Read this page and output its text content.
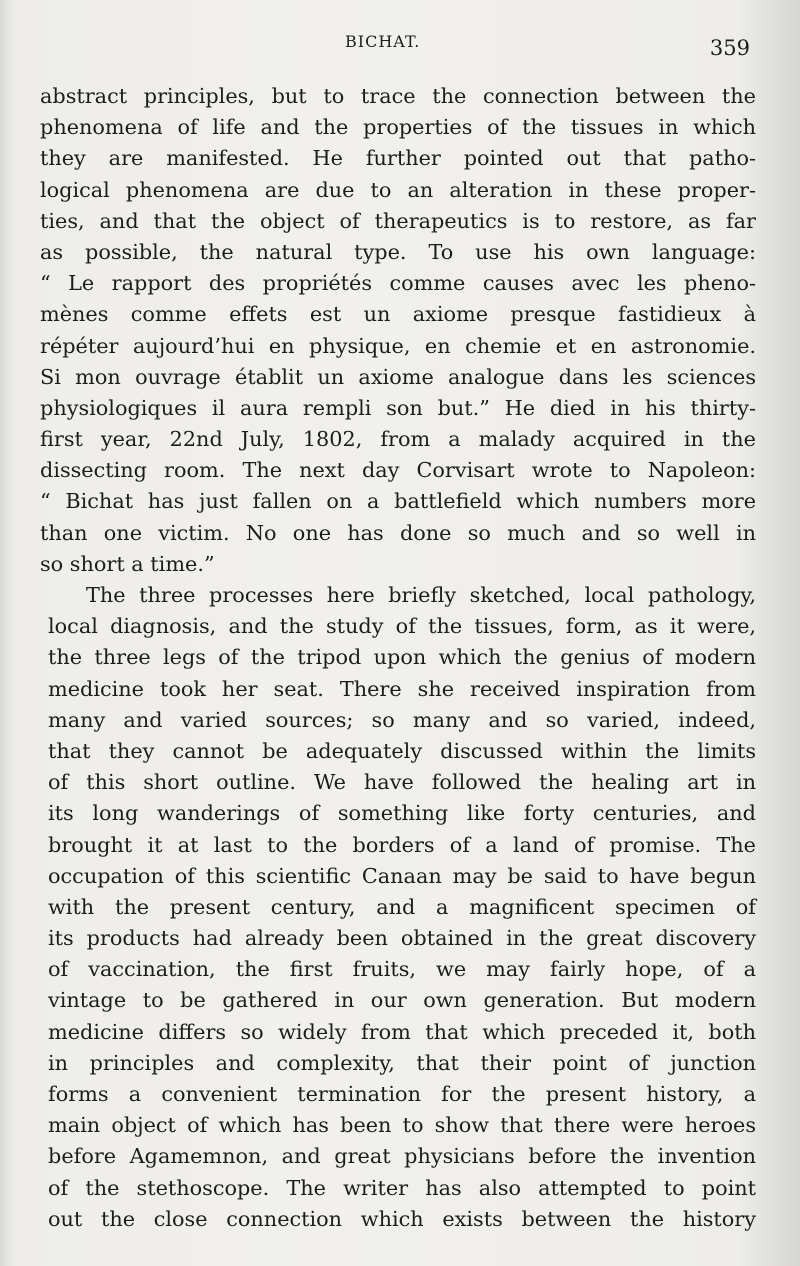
BICHAT.	359
abstract principles, but to trace the connection between the
phenomena of life and the properties of the tissues in which
they are manifested. He further pointed out that patho-
logical phenomena are due to an alteration in these proper-
ties, and that the object of therapeutics is to restore, as far
as possible, the natural type. To use his own language:
“ Le rapport des propriétés comme causes avec les pheno-
mènes comme effets est un axiome presque fastidieux à
répéter aujourd’hui en physique, en chemie et en astronomie.
Si mon ouvrage établit un axiome analogue dans les sciences
physiologiques il aura rempli son but.” He died in his thirty-
first year, 22nd July, 1802, from a malady acquired in the
dissecting room. The next day Corvisart wrote to Napoleon:
“ Bichat has just fallen on a battlefield which numbers more
than one victim. No one has done so much and so well in
so short a time.”
The three processes here briefly sketched, local pathology,
local diagnosis, and the study of the tissues, form, as it were,
the three legs of the tripod upon which the genius of modern
medicine took her seat. There she received inspiration from
many and varied sources; so many and so varied, indeed,
that they cannot be adequately discussed within the limits
of this short outline. We have followed the healing art in
its long wanderings of something like forty centuries, and
brought it at last to the borders of a land of promise. The
occupation of this scientific Canaan may be said to have begun
with the present century, and a magnificent specimen of
its products had already been obtained in the great discovery
of vaccination, the first fruits, we may fairly hope, of a
vintage to be gathered in our own generation. But modern
medicine differs so widely from that which preceded it, both
in principles and complexity, that their point of junction
forms a convenient termination for the present history, a
main object of which has been to show that there were heroes
before Agamemnon, and great physicians before the invention
of the stethoscope. The writer has also attempted to point
out the close connection which exists between the history
